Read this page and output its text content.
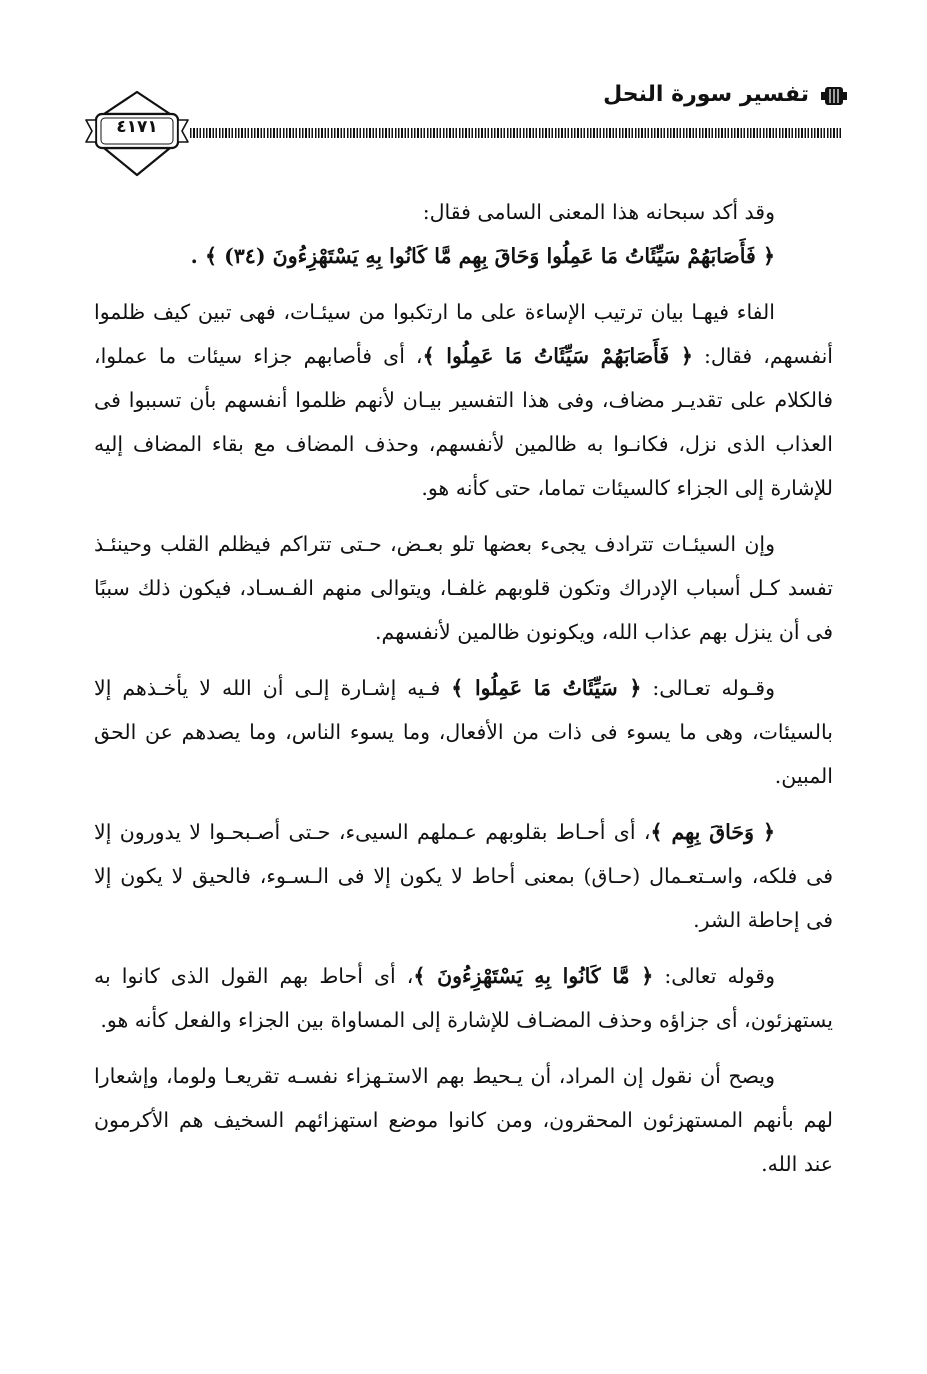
تفسير سورة النحل
٤١٧١

وقد أكد سبحانه هذا المعنى السامى فقال:

﴿ فَأَصَابَهُمْ سَيِّئَاتُ مَا عَمِلُوا وَحَاقَ بِهِم مَّا كَانُوا بِهِ يَسْتَهْزِءُونَ (٣٤) ﴾ .

الفاء فيهـا بيان ترتيب الإساءة على ما ارتكبوا من سيئـات، فهى تبين كيف ظلموا أنفسهم، فقال: ﴿ فَأَصَابَهُمْ سَيِّئَاتُ مَا عَمِلُوا ﴾، أى فأصابهم جزاء سيئات ما عملوا، فالكلام على تقديـر مضاف، وفى هذا التفسير بيـان لأنهم ظلموا أنفسهم بأن تسببوا فى العذاب الذى نزل، فكانـوا به ظالمين لأنفسهم، وحذف المضاف مع بقاء المضاف إليه للإشارة إلى الجزاء كالسيئات تماما، حتى كأنه هو.

وإن السيئـات تترادف يجىء بعضها تلو بعـض، حـتى تتراكم فيظلم القلب وحينئـذ تفسد كـل أسباب الإدراك وتكون قلوبهم غلفـا، ويتوالى منهم الفـسـاد، فيكون ذلك سببًا فى أن ينزل بهم عذاب الله، ويكونون ظالمين لأنفسهم.

وقـوله تعـالى: ﴿ سَيِّئَاتُ مَا عَمِلُوا ﴾ فـيه إشـارة إلـى أن الله لا يأخـذهم إلا بالسيئات، وهى ما يسوء فى ذات من الأفعال، وما يسوء الناس، وما يصدهم عن الحق المبين.

﴿ وَحَاقَ بِهِم ﴾، أى أحـاط بقلوبهم عـملهم السيىء، حـتى أصـبحـوا لا يدورون إلا فى فلكه، واسـتعـمال (حـاق) بمعنى أحاط لا يكون إلا فى الـسـوء، فالحيق لا يكون إلا فى إحاطة الشر.

وقوله تعالى: ﴿ مَّا كَانُوا بِهِ يَسْتَهْزِءُونَ ﴾، أى أحاط بهم القول الذى كانوا به يستهزئون، أى جزاؤه وحذف المضـاف للإشارة إلى المساواة بين الجزاء والفعل كأنه هو.

ويصح أن نقول إن المراد، أن يـحيط بهم الاستـهزاء نفسـه تقريعـا ولوما، وإشعارا لهم بأنهم المستهزئون المحقرون، ومن كانوا موضع استهزائهم السخيف هم الأكرمون عند الله.
